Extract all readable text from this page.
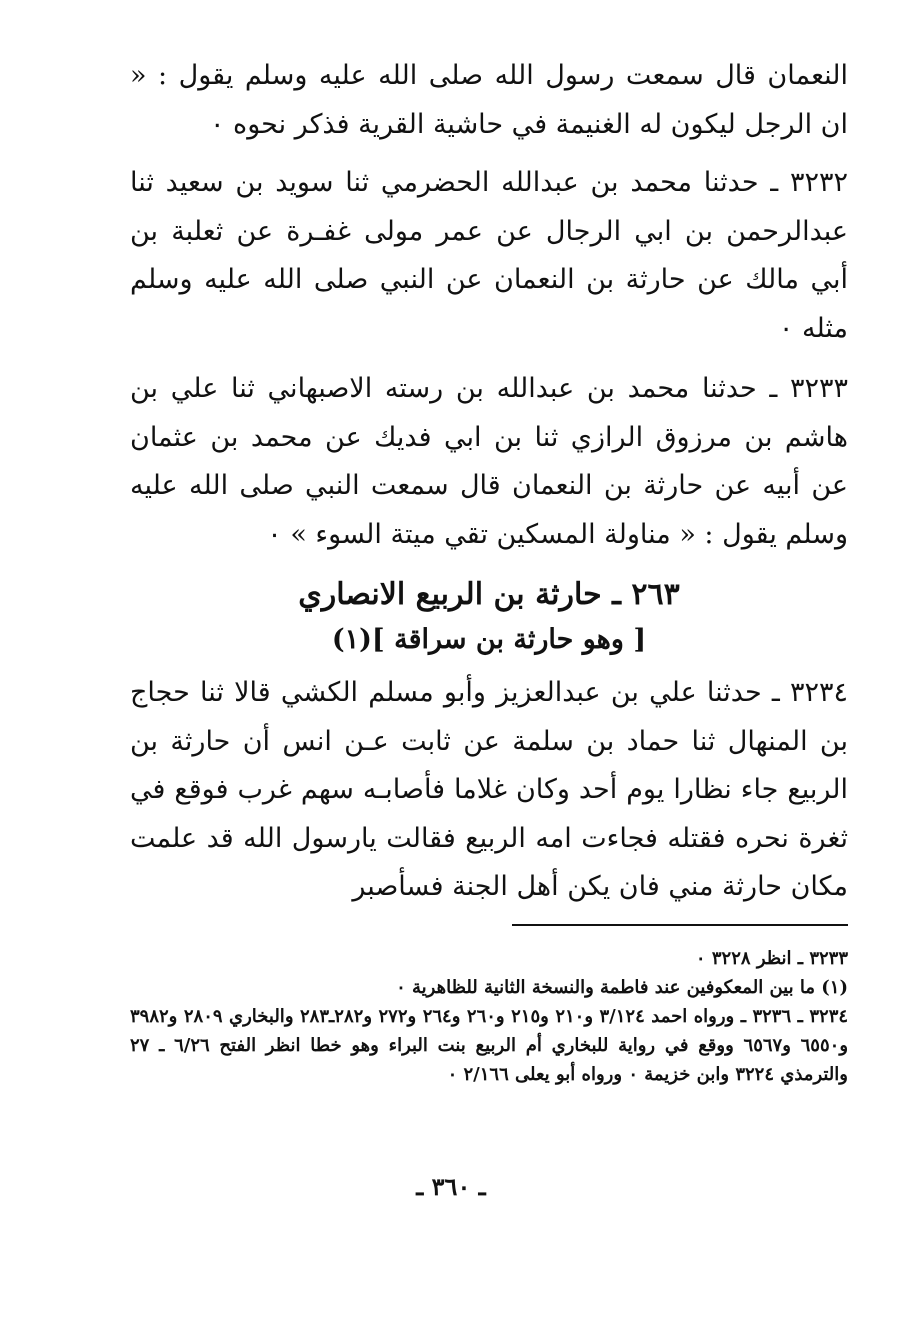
النعمان قال سمعت رسول الله صلى الله عليه وسلم يقول : « ان الرجل ليكون له الغنيمة في حاشية القرية فذكر نحوه ٠

٣٢٣٢ ـ حدثنا محمد بن عبدالله الحضرمي ثنا سويد بن سعيد ثنا عبدالرحمن بن ابي الرجال عن عمر مولى غفـرة عن ثعلبة بن أبي مالك عن حارثة بن النعمان عن النبي صلى الله عليه وسلم مثله ٠

٣٢٣٣ ـ حدثنا محمد بن عبدالله بن رسته الاصبهاني ثنا علي بن هاشم بن مرزوق الرازي ثنا بن ابي فديك عن محمد بن عثمان عن أبيه عن حارثة بن النعمان قال سمعت النبي صلى الله عليه وسلم يقول : « مناولة المسكين تقي ميتة السوء » ٠

٢٦٣ ـ حارثة بن الربيع الانصاري
[ وهو حارثة بن سراقة ](١)

٣٢٣٤ ـ حدثنا علي بن عبدالعزيز وأبو مسلم الكشي قالا ثنا حجاج بن المنهال ثنا حماد بن سلمة عن ثابت عـن انس أن حارثة بن الربيع جاء نظارا يوم أحد وكان غلاما فأصابـه سهم غرب فوقع في ثغرة نحره فقتله فجاءت امه الربيع فقالت يارسول الله قد علمت مكان حارثة مني فان يكن أهل الجنة فسأصبر

٣٢٣٣ ـ انظر ٣٢٢٨ ٠

(١) ما بين المعكوفين عند فاطمة والنسخة الثانية للظاهرية ٠

٣٢٣٤ ـ ٣٢٣٦ ـ ورواه احمد ٣/١٢٤ و٢١٠ و٢١٥ و٢٦٠ و٢٦٤ و٢٧٢ و٢٨٢ـ٢٨٣ والبخاري ٢٨٠٩ و٣٩٨٢ و٦٥٥٠ و٦٥٦٧ ووقع في رواية للبخاري أم الربيع بنت البراء وهو خطا انظر الفتح ٦/٢٦ ـ ٢٧ والترمذي ٣٢٢٤ وابن خزيمة ٠ ورواه أبو يعلى ٢/١٦٦ ٠

ـ ٣٦٠ ـ
